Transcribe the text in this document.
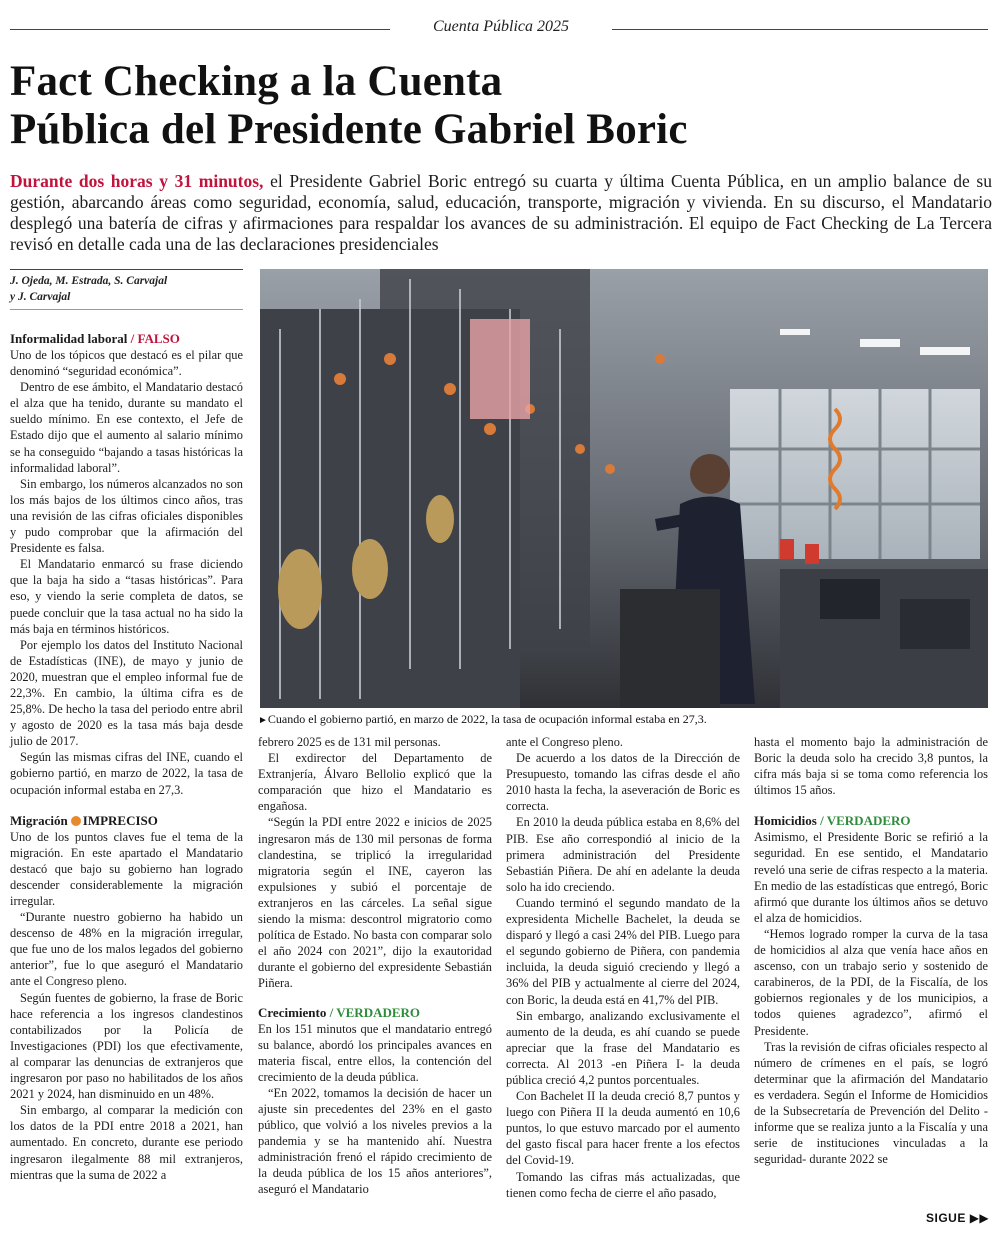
Cuenta Pública 2025
Fact Checking a la Cuenta
Pública del Presidente Gabriel Boric
Durante dos horas y 31 minutos, el Presidente Gabriel Boric entregó su cuarta y última Cuenta Pública, en un amplio balance de su gestión, abarcando áreas como seguridad, economía, salud, educación, transporte, migración y vivienda. En su discurso, el Mandatario desplegó una batería de cifras y afirmaciones para respaldar los avances de su administración. El equipo de Fact Checking de La Tercera revisó en detalle cada una de las declaraciones presidenciales
J. Ojeda, M. Estrada, S. Carvajal
y J. Carvajal
►Cuando el gobierno partió, en marzo de 2022, la tasa de ocupación informal estaba en 27,3.
Informalidad laboral / FALSO

Uno de los tópicos que destacó es el pilar que denominó “seguridad económica”.

Dentro de ese ámbito, el Mandatario destacó el alza que ha tenido, durante su mandato el sueldo mínimo. En ese contexto, el Jefe de Estado dijo que el aumento al salario mínimo se ha conseguido “bajando a tasas históricas la informalidad laboral”.

Sin embargo, los números alcanzados no son los más bajos de los últimos cinco años, tras una revisión de las cifras oficiales disponibles y pudo comprobar que la afirmación del Presidente es falsa.

El Mandatario enmarcó su frase diciendo que la baja ha sido a “tasas históricas”. Para eso, y viendo la serie completa de datos, se puede concluir que la tasa actual no ha sido la más baja en términos históricos.

Por ejemplo los datos del Instituto Nacional de Estadísticas (INE), de mayo y junio de 2020, muestran que el empleo informal fue de 22,3%. En cambio, la última cifra es de 25,8%. De hecho la tasa del periodo entre abril y agosto de 2020 es la tasa más baja desde julio de 2017.

Según las mismas cifras del INE, cuando el gobierno partió, en marzo de 2022, la tasa de ocupación informal estaba en 27,3.

Migración IMPRECISO

Uno de los puntos claves fue el tema de la migración. En este apartado el Mandatario destacó que bajo su gobierno han logrado descender considerablemente la migración irregular.

“Durante nuestro gobierno ha habido un descenso de 48% en la migración irregular, que fue uno de los malos legados del gobierno anterior”, fue lo que aseguró el Mandatario ante el Congreso pleno.

Según fuentes de gobierno, la frase de Boric hace referencia a los ingresos clandestinos contabilizados por la Policía de Investigaciones (PDI) los que efectivamente, al comparar las denuncias de extranjeros que ingresaron por paso no habilitados de los años 2021 y 2024, han disminuido en un 48%.

Sin embargo, al comparar la medición con los datos de la PDI entre 2018 a 2021, han aumentado. En concreto, durante ese periodo ingresaron ilegalmente 88 mil extranjeros, mientras que la suma de 2022 a

febrero 2025 es de 131 mil personas.

El exdirector del Departamento de Extranjería, Álvaro Bellolio explicó que la comparación que hizo el Mandatario es engañosa.

“Según la PDI entre 2022 e inicios de 2025 ingresaron más de 130 mil personas de forma clandestina, se triplicó la irregularidad migratoria según el INE, cayeron las expulsiones y subió el porcentaje de extranjeros en las cárceles. La señal sigue siendo la misma: descontrol migratorio como política de Estado. No basta con comparar solo el año 2024 con 2021”, dijo la exautoridad durante el gobierno del expresidente Sebastián Piñera.

Crecimiento / VERDADERO

En los 151 minutos que el mandatario entregó su balance, abordó los principales avances en materia fiscal, entre ellos, la contención del crecimiento de la deuda pública.

“En 2022, tomamos la decisión de hacer un ajuste sin precedentes del 23% en el gasto público, que volvió a los niveles previos a la pandemia y se ha mantenido ahí. Nuestra administración frenó el rápido crecimiento de la deuda pública de los 15 años anteriores”, aseguró el Mandatario

ante el Congreso pleno.

De acuerdo a los datos de la Dirección de Presupuesto, tomando las cifras desde el año 2010 hasta la fecha, la aseveración de Boric es correcta.

En 2010 la deuda pública estaba en 8,6% del PIB. Ese año correspondió al inicio de la primera administración del Presidente Sebastián Piñera. De ahí en adelante la deuda solo ha ido creciendo.

Cuando terminó el segundo mandato de la expresidenta Michelle Bachelet, la deuda se disparó y llegó a casi 24% del PIB. Luego para el segundo gobierno de Piñera, con pandemia incluida, la deuda siguió creciendo y llegó a 36% del PIB y actualmente al cierre del 2024, con Boric, la deuda está en 41,7% del PIB.

Sin embargo, analizando exclusivamente el aumento de la deuda, es ahí cuando se puede apreciar que la frase del Mandatario es correcta. Al 2013 -en Piñera I- la deuda pública creció 4,2 puntos porcentuales.

Con Bachelet II la deuda creció 8,7 puntos y luego con Piñera II la deuda aumentó en 10,6 puntos, lo que estuvo marcado por el aumento del gasto fiscal para hacer frente a los efectos del Covid-19.

Tomando las cifras más actualizadas, que tienen como fecha de cierre el año pasado,

hasta el momento bajo la administración de Boric la deuda solo ha crecido 3,8 puntos, la cifra más baja si se toma como referencia los últimos 15 años.

Homicidios / VERDADERO

Asimismo, el Presidente Boric se refirió a la seguridad. En ese sentido, el Mandatario reveló una serie de cifras respecto a la materia. En medio de las estadísticas que entregó, Boric afirmó que durante los últimos años se detuvo el alza de homicidios.

“Hemos logrado romper la curva de la tasa de homicidios al alza que venía hace años en ascenso, con un trabajo serio y sostenido de carabineros, de la PDI, de la Fiscalía, de los gobiernos regionales y de los municipios, a todos quienes agradezco”, afirmó el Presidente.

Tras la revisión de cifras oficiales respecto al número de crímenes en el país, se logró determinar que la afirmación del Mandatario es verdadera. Según el Informe de Homicidios de la Subsecretaría de Prevención del Delito -informe que se realiza junto a la Fiscalía y una serie de instituciones vinculadas a la seguridad- durante 2022 se

SIGUE ▶▶
